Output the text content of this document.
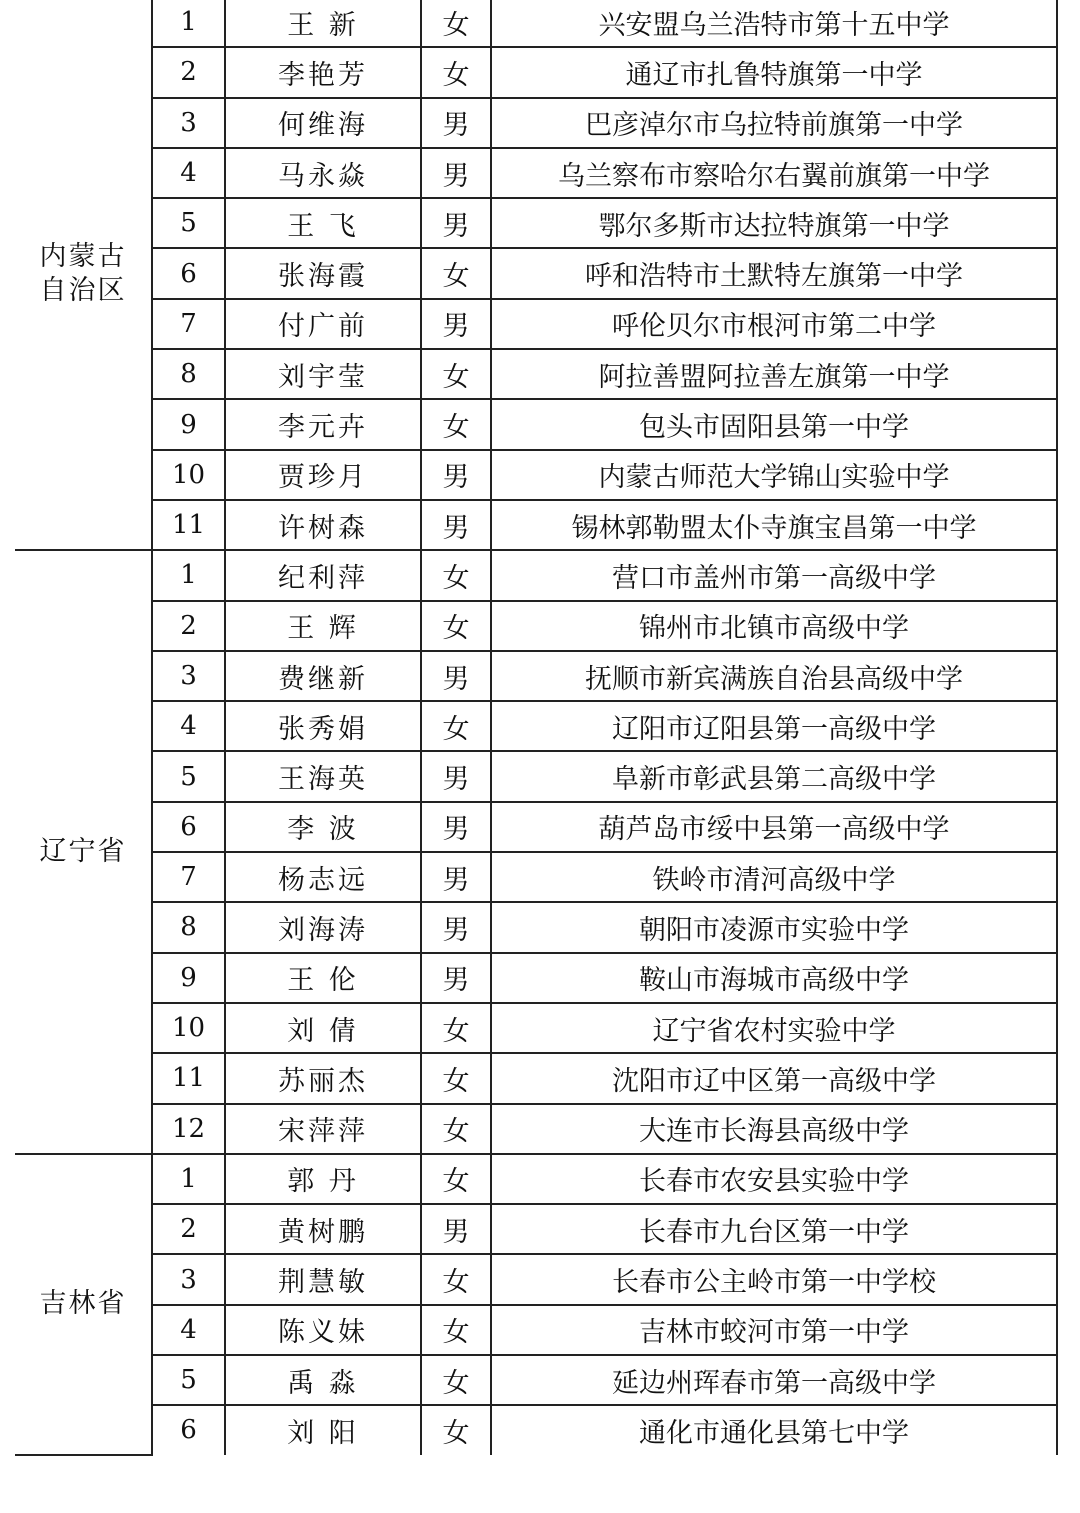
内蒙古
自治区	1	王 新	女	兴安盟乌兰浩特市第十五中学
	2	李艳芳	女	通辽市扎鲁特旗第一中学
	3	何维海	男	巴彦淖尔市乌拉特前旗第一中学
	4	马永焱	男	乌兰察布市察哈尔右翼前旗第一中学
	5	王 飞	男	鄂尔多斯市达拉特旗第一中学
	6	张海霞	女	呼和浩特市土默特左旗第一中学
	7	付广前	男	呼伦贝尔市根河市第二中学
	8	刘宇莹	女	阿拉善盟阿拉善左旗第一中学
	9	李元卉	女	包头市固阳县第一中学
	10	贾珍月	男	内蒙古师范大学锦山实验中学
	11	许树森	男	锡林郭勒盟太仆寺旗宝昌第一中学

辽宁省	1	纪利萍	女	营口市盖州市第一高级中学
	2	王 辉	女	锦州市北镇市高级中学
	3	费继新	男	抚顺市新宾满族自治县高级中学
	4	张秀娟	女	辽阳市辽阳县第一高级中学
	5	王海英	男	阜新市彰武县第二高级中学
	6	李 波	男	葫芦岛市绥中县第一高级中学
	7	杨志远	男	铁岭市清河高级中学
	8	刘海涛	男	朝阳市凌源市实验中学
	9	王 伦	男	鞍山市海城市高级中学
	10	刘 倩	女	辽宁省农村实验中学
	11	苏丽杰	女	沈阳市辽中区第一高级中学
	12	宋萍萍	女	大连市长海县高级中学

吉林省	1	郭 丹	女	长春市农安县实验中学
	2	黄树鹏	男	长春市九台区第一中学
	3	荆慧敏	女	长春市公主岭市第一中学校
	4	陈义妹	女	吉林市蛟河市第一中学
	5	禹 淼	女	延边州珲春市第一高级中学
	6	刘 阳	女	通化市通化县第七中学
